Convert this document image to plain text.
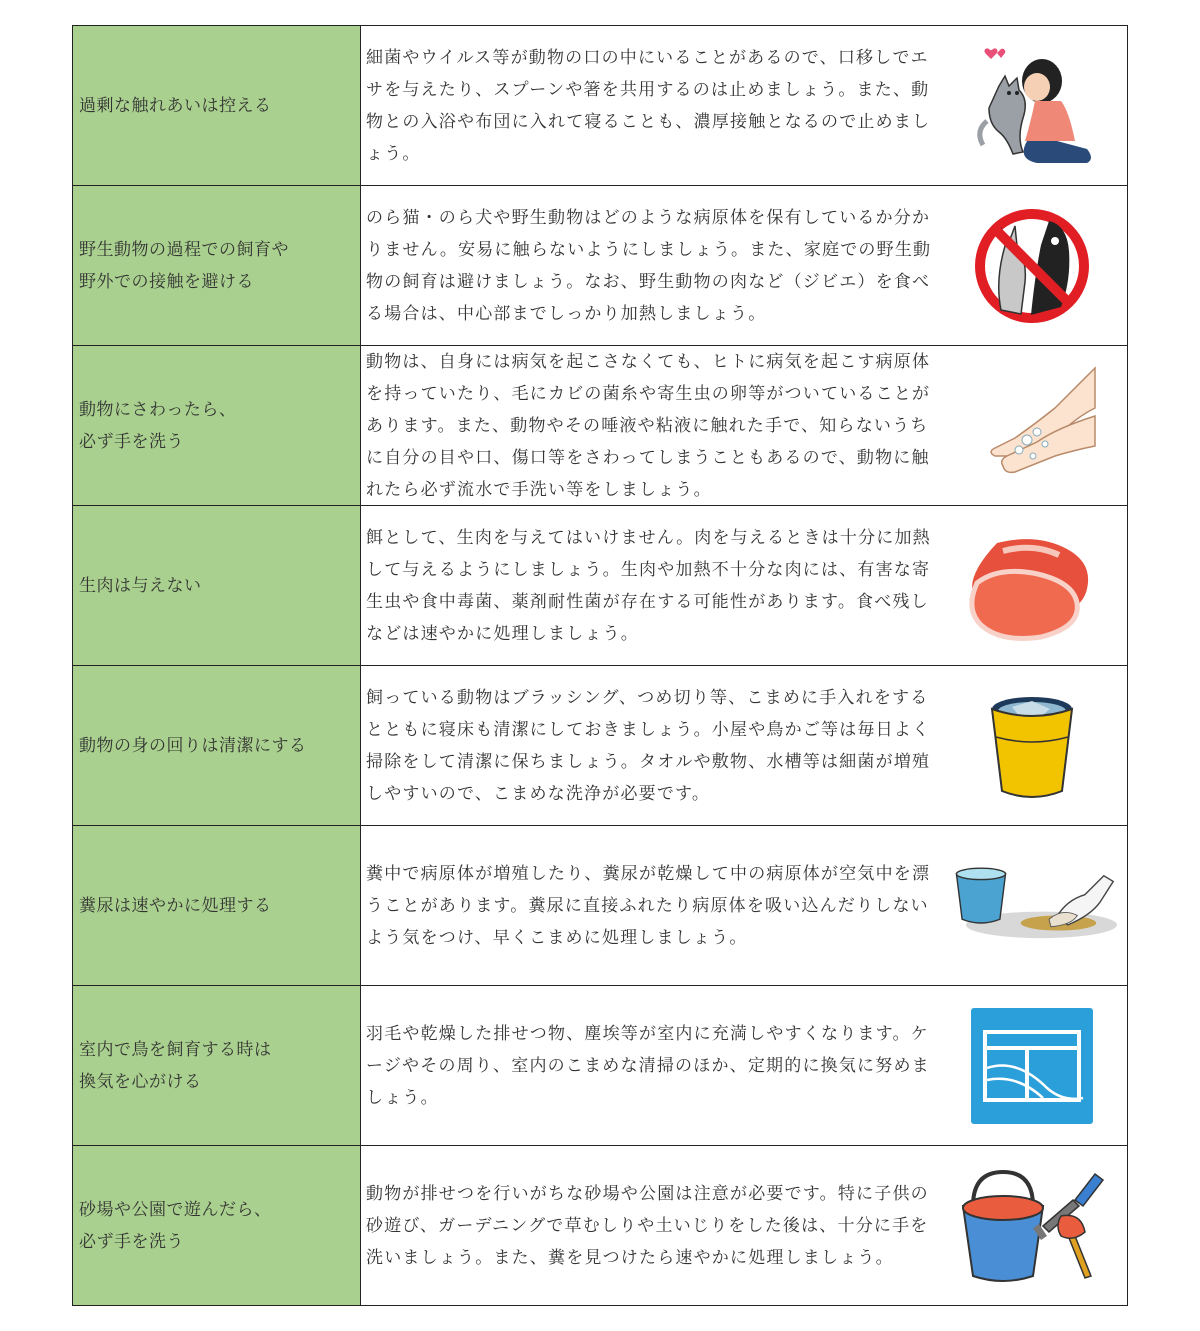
過剰な触れあいは控える
細菌やウイルス等が動物の口の中にいることがあるので、口移しでエサを与えたり、スプーンや箸を共用するのは止めましょう。また、動物との入浴や布団に入れて寝ることも、濃厚接触となるので止めましょう。
野生動物の過程での飼育や
野外での接触を避ける
のら猫・のら犬や野生動物はどのような病原体を保有しているか分かりません。安易に触らないようにしましょう。また、家庭での野生動物の飼育は避けましょう。なお、野生動物の肉など（ジビエ）を食べる場合は、中心部までしっかり加熱しましょう。
動物にさわったら、
必ず手を洗う
動物は、自身には病気を起こさなくても、ヒトに病気を起こす病原体を持っていたり、毛にカビの菌糸や寄生虫の卵等がついていることがあります。また、動物やその唾液や粘液に触れた手で、知らないうちに自分の目や口、傷口等をさわってしまうこともあるので、動物に触れたら必ず流水で手洗い等をしましょう。
生肉は与えない
餌として、生肉を与えてはいけません。肉を与えるときは十分に加熱して与えるようにしましょう。生肉や加熱不十分な肉には、有害な寄生虫や食中毒菌、薬剤耐性菌が存在する可能性があります。食べ残しなどは速やかに処理しましょう。
動物の身の回りは清潔にする
飼っている動物はブラッシング、つめ切り等、こまめに手入れをするとともに寝床も清潔にしておきましょう。小屋や鳥かご等は毎日よく掃除をして清潔に保ちましょう。タオルや敷物、水槽等は細菌が増殖しやすいので、こまめな洗浄が必要です。
糞尿は速やかに処理する
糞中で病原体が増殖したり、糞尿が乾燥して中の病原体が空気中を漂うことがあります。糞尿に直接ふれたり病原体を吸い込んだりしないよう気をつけ、早くこまめに処理しましょう。
室内で鳥を飼育する時は
換気を心がける
羽毛や乾燥した排せつ物、塵埃等が室内に充満しやすくなります。ケージやその周り、室内のこまめな清掃のほか、定期的に換気に努めましょう。
砂場や公園で遊んだら、
必ず手を洗う
動物が排せつを行いがちな砂場や公園は注意が必要です。特に子供の砂遊び、ガーデニングで草むしりや土いじりをした後は、十分に手を洗いましょう。また、糞を見つけたら速やかに処理しましょう。
